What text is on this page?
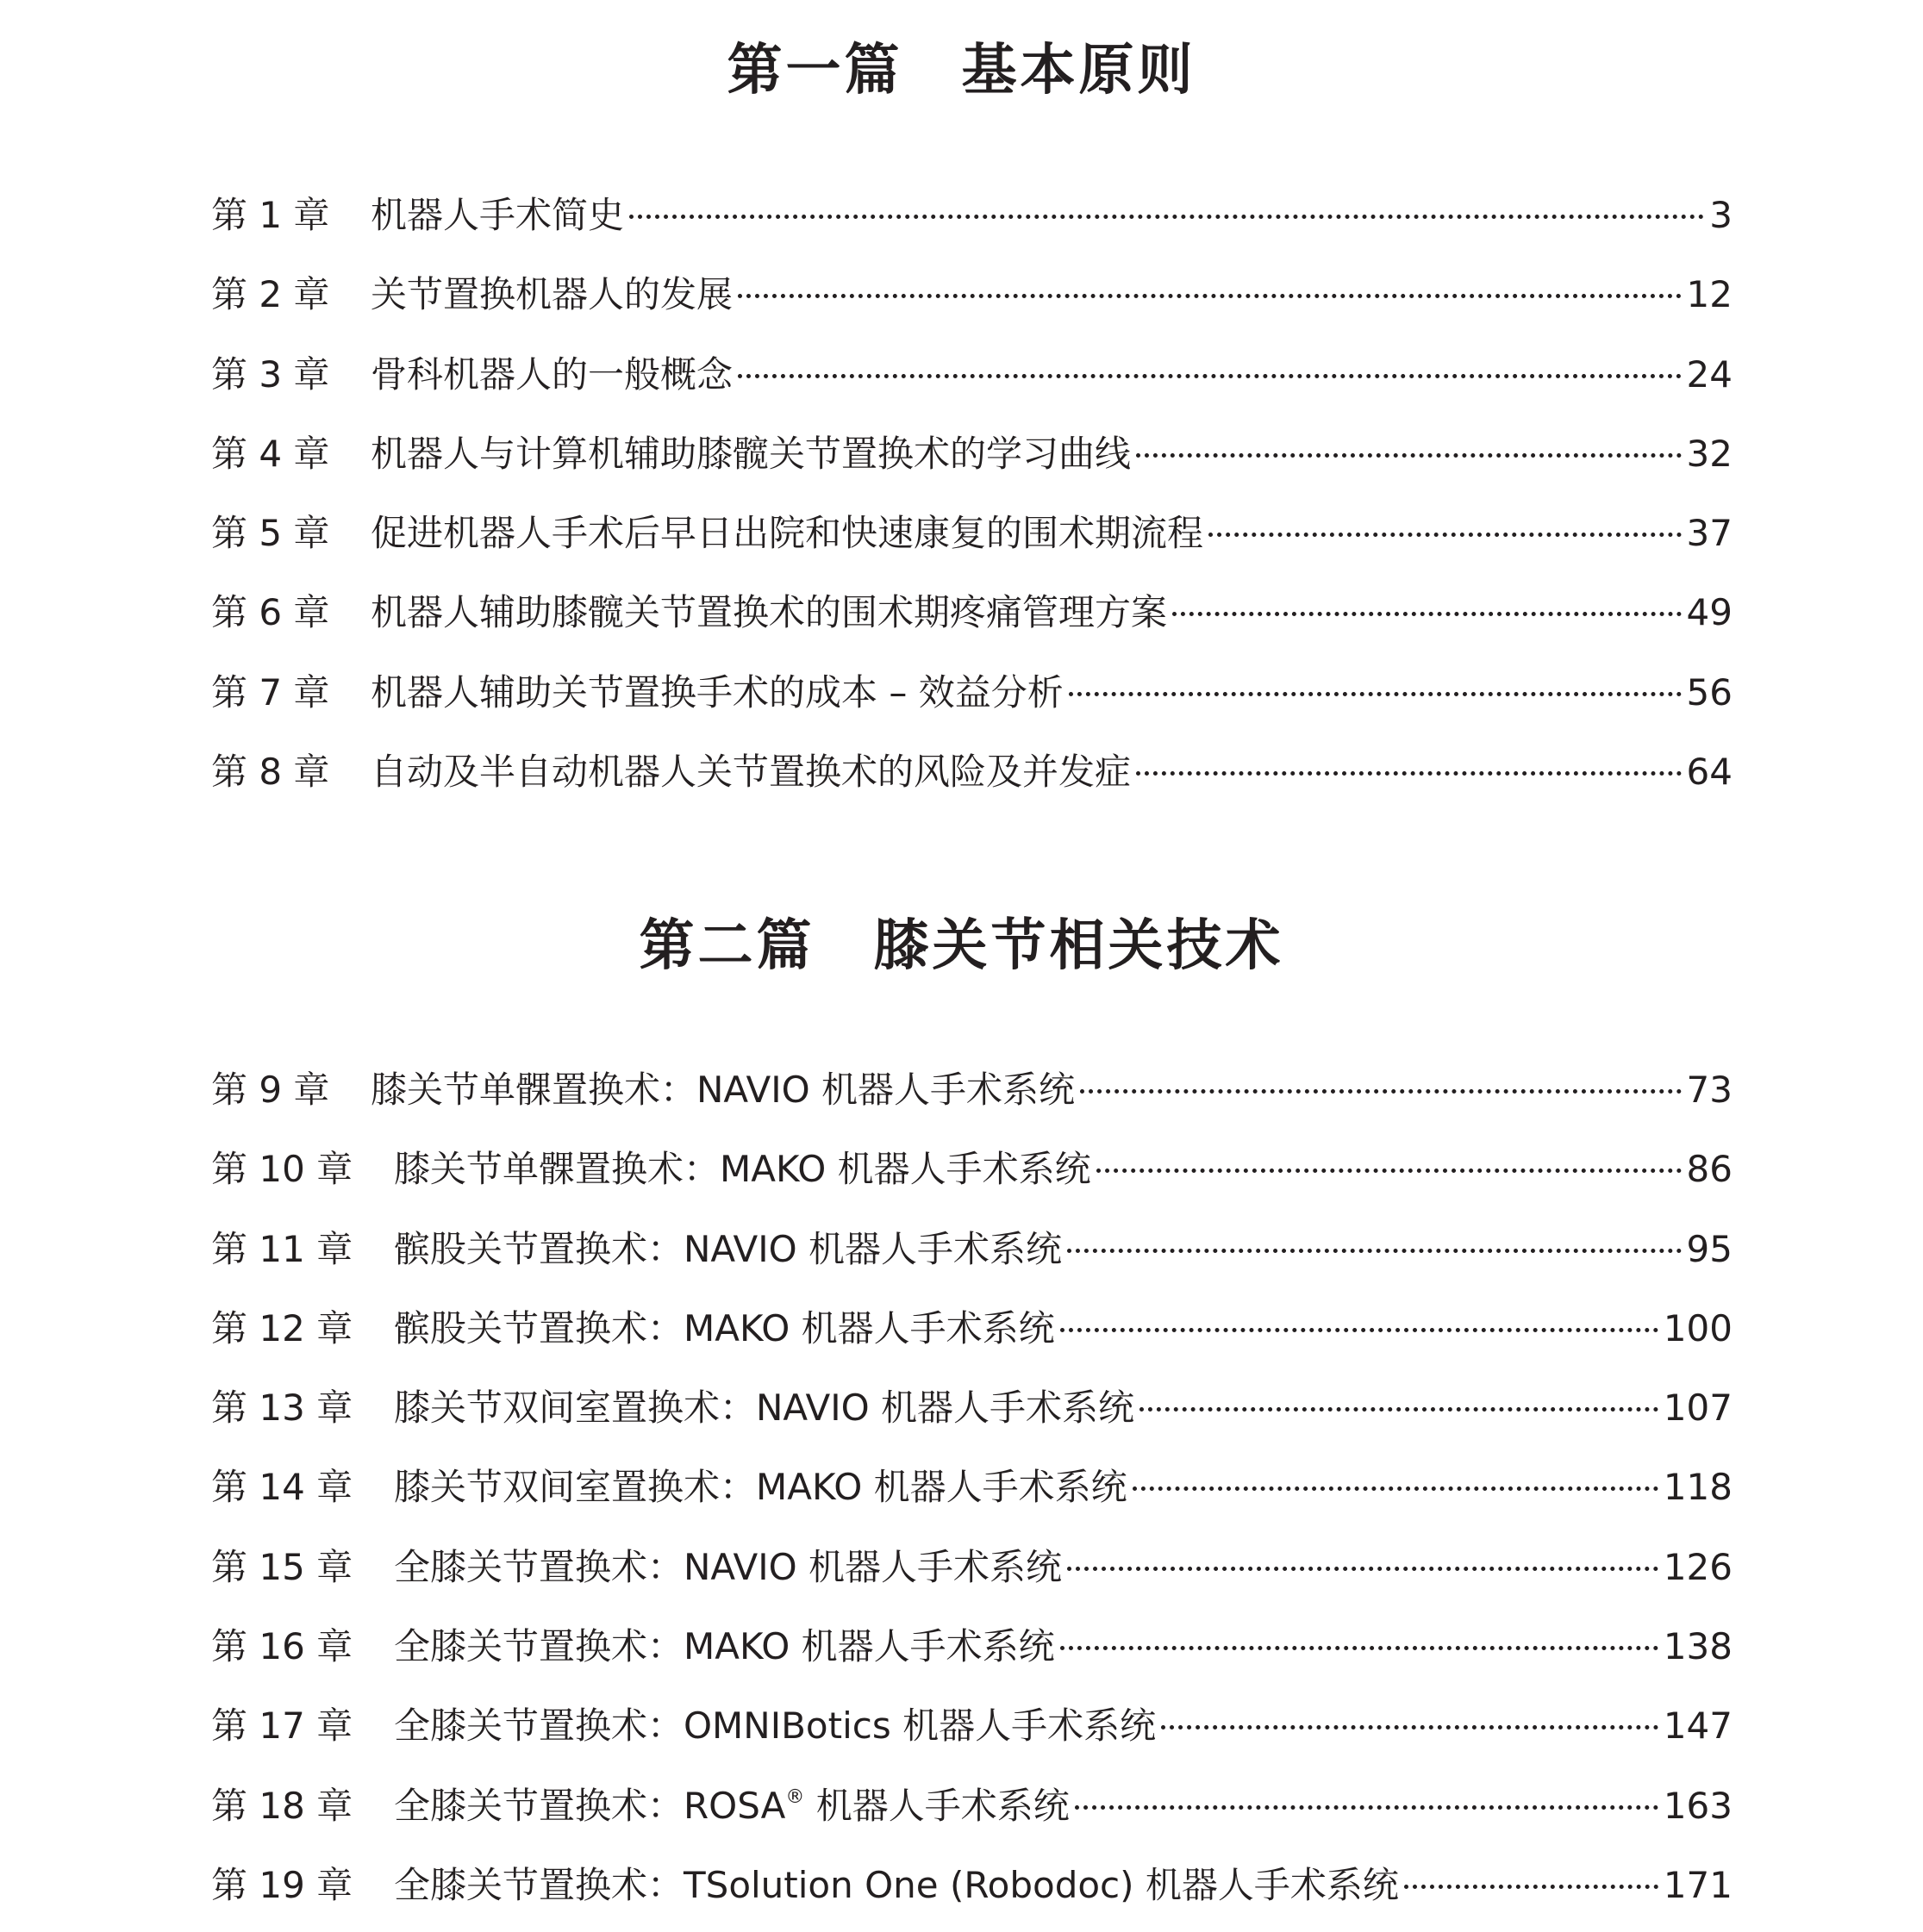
第一篇　基本原则
第 1 章	机器人手术简史	3
第 2 章	关节置换机器人的发展	12
第 3 章	骨科机器人的一般概念	24
第 4 章	机器人与计算机辅助膝髋关节置换术的学习曲线	32
第 5 章	促进机器人手术后早日出院和快速康复的围术期流程	37
第 6 章	机器人辅助膝髋关节置换术的围术期疼痛管理方案	49
第 7 章	机器人辅助关节置换手术的成本 – 效益分析	56
第 8 章	自动及半自动机器人关节置换术的风险及并发症	64
第二篇　膝关节相关技术
第 9 章	膝关节单髁置换术：NAVIO 机器人手术系统	73
第 10 章	膝关节单髁置换术：MAKO 机器人手术系统	86
第 11 章	髌股关节置换术：NAVIO 机器人手术系统	95
第 12 章	髌股关节置换术：MAKO 机器人手术系统	100
第 13 章	膝关节双间室置换术：NAVIO 机器人手术系统	107
第 14 章	膝关节双间室置换术：MAKO 机器人手术系统	118
第 15 章	全膝关节置换术：NAVIO 机器人手术系统	126
第 16 章	全膝关节置换术：MAKO 机器人手术系统	138
第 17 章	全膝关节置换术：OMNIBotics 机器人手术系统	147
第 18 章	全膝关节置换术：ROSA® 机器人手术系统	163
第 19 章	全膝关节置换术：TSolution One (Robodoc) 机器人手术系统	171
